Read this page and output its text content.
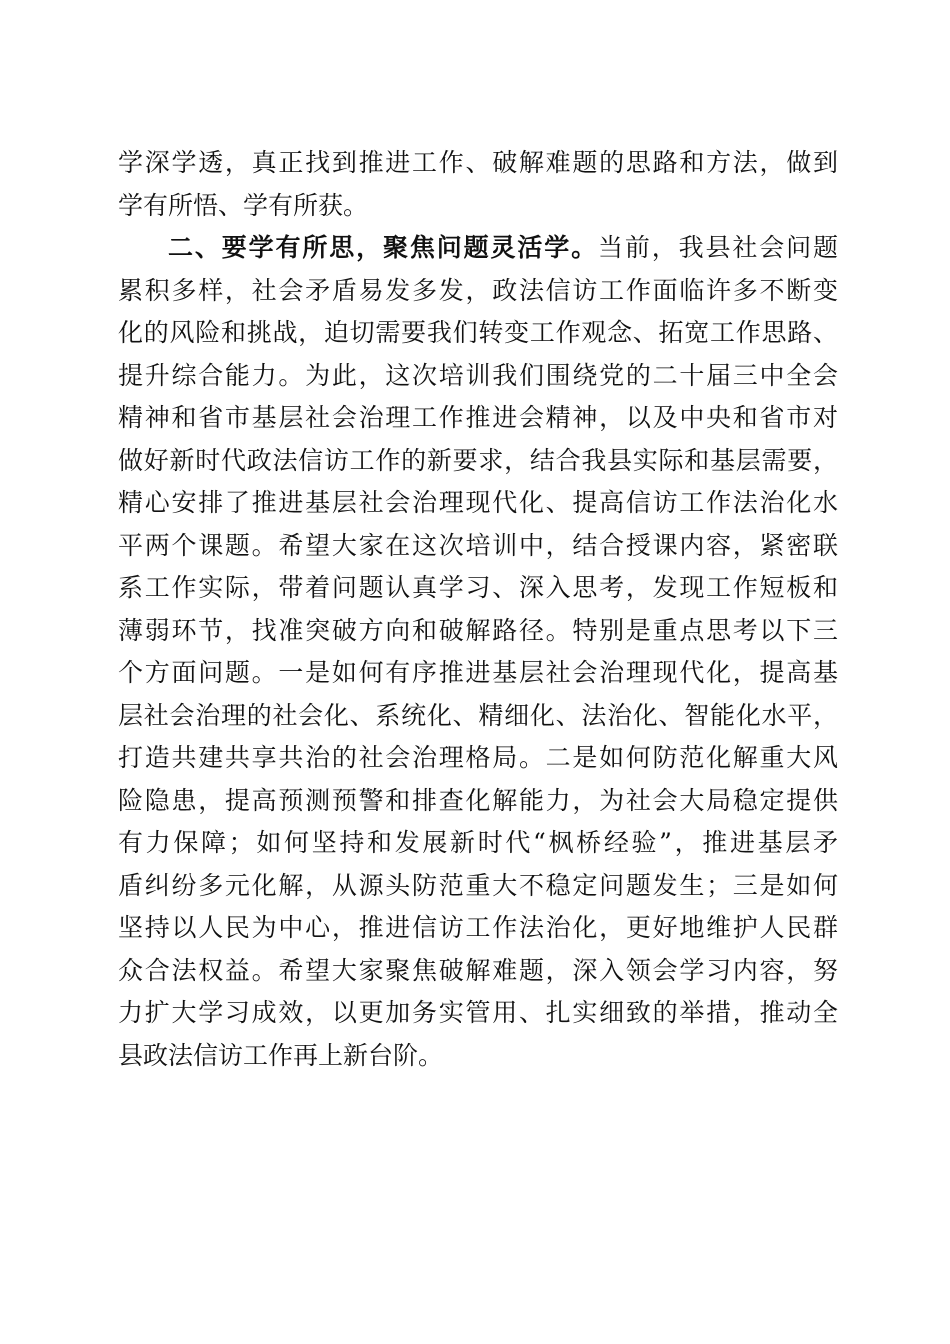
学深学透，真正找到推进工作、破解难题的思路和方法，做到
学有所悟、学有所获。
二、要学有所思，聚焦问题灵活学。当前，我县社会问题
累积多样，社会矛盾易发多发，政法信访工作面临许多不断变
化的风险和挑战，迫切需要我们转变工作观念、拓宽工作思路、
提升综合能力。为此，这次培训我们围绕党的二十届三中全会
精神和省市基层社会治理工作推进会精神，以及中央和省市对
做好新时代政法信访工作的新要求，结合我县实际和基层需要，
精心安排了推进基层社会治理现代化、提高信访工作法治化水
平两个课题。希望大家在这次培训中，结合授课内容，紧密联
系工作实际，带着问题认真学习、深入思考，发现工作短板和
薄弱环节，找准突破方向和破解路径。特别是重点思考以下三
个方面问题。一是如何有序推进基层社会治理现代化，提高基
层社会治理的社会化、系统化、精细化、法治化、智能化水平，
打造共建共享共治的社会治理格局。二是如何防范化解重大风
险隐患，提高预测预警和排查化解能力，为社会大局稳定提供
有力保障；如何坚持和发展新时代“枫桥经验”，推进基层矛
盾纠纷多元化解，从源头防范重大不稳定问题发生；三是如何
坚持以人民为中心，推进信访工作法治化，更好地维护人民群
众合法权益。希望大家聚焦破解难题，深入领会学习内容，努
力扩大学习成效，以更加务实管用、扎实细致的举措，推动全
县政法信访工作再上新台阶。
